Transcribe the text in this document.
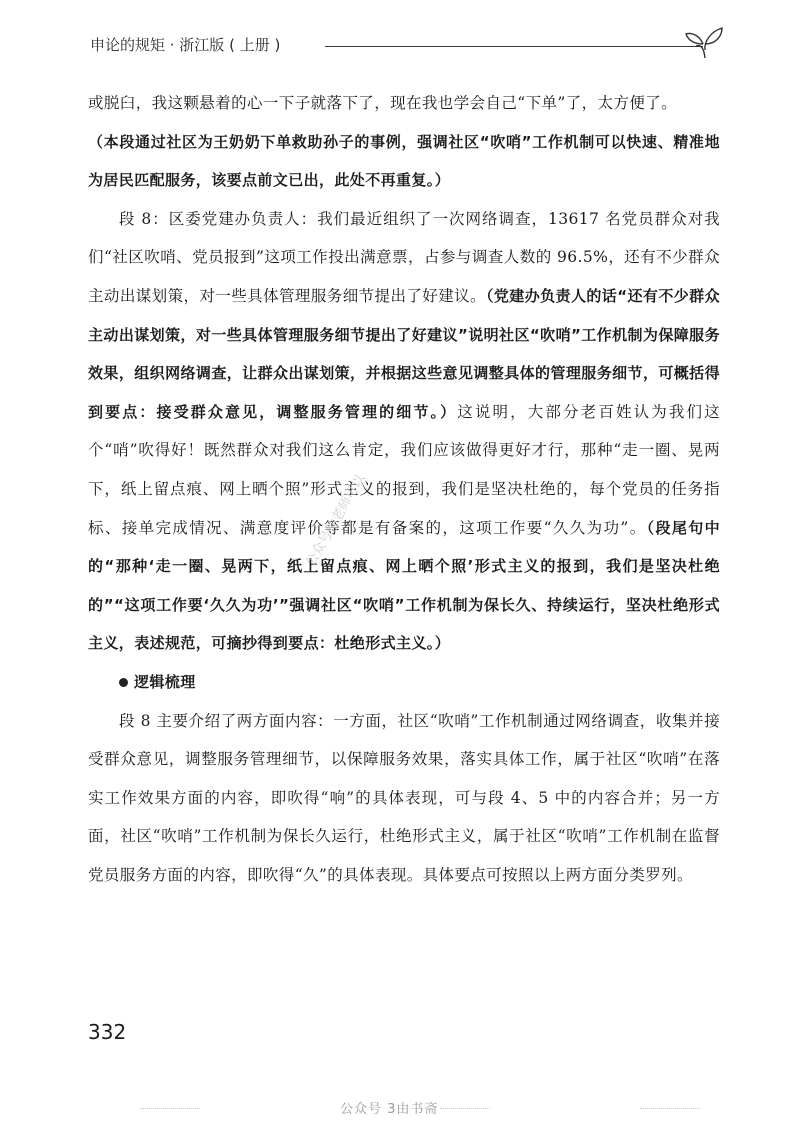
申论的规矩 · 浙江版 ( 上册 )

或脱臼，我这颗悬着的心一下子就落下了，现在我也学会自己“下单”了，太方便了。

（本段通过社区为王奶奶下单救助孙子的事例，强调社区“吹哨”工作机制可以快速、精准地为居民匹配服务，该要点前文已出，此处不再重复。）

段 8：区委党建办负责人：我们最近组织了一次网络调查，13617 名党员群众对我们“社区吹哨、党员报到”这项工作投出满意票，占参与调查人数的 96.5%，还有不少群众主动出谋划策，对一些具体管理服务细节提出了好建议。（党建办负责人的话“还有不少群众主动出谋划策，对一些具体管理服务细节提出了好建议”说明社区“吹哨”工作机制为保障服务效果，组织网络调查，让群众出谋划策，并根据这些意见调整具体的管理服务细节，可概括得到要点：接受群众意见，调整服务管理的细节。）这说明，大部分老百姓认为我们这个“哨”吹得好！既然群众对我们这么肯定，我们应该做得更好才行，那种“走一圈、晃两下，纸上留点痕、网上晒个照”形式主义的报到，我们是坚决杜绝的，每个党员的任务指标、接单完成情况、满意度评价等都是有备案的，这项工作要“久久为功”。（段尾句中的“那种‘走一圈、晃两下，纸上留点痕、网上晒个照’形式主义的报到，我们是坚决杜绝的”“这项工作要‘久久为功’”强调社区“吹哨”工作机制为保长久、持续运行，坚决杜绝形式主义，表述规范，可摘抄得到要点：杜绝形式主义。）

逻辑梳理

段 8 主要介绍了两方面内容：一方面，社区“吹哨”工作机制通过网络调查，收集并接受群众意见，调整服务管理细节，以保障服务效果，落实具体工作，属于社区“吹哨”在落实工作效果方面的内容，即吹得“响”的具体表现，可与段 4、5 中的内容合并；另一方面，社区“吹哨”工作机制为保长久运行，杜绝形式主义，属于社区“吹哨”工作机制在监督党员服务方面的内容，即吹得“久”的具体表现。具体要点可按照以上两方面分类罗列。

公众号钟老师可以
332
公众号 3由书斋
